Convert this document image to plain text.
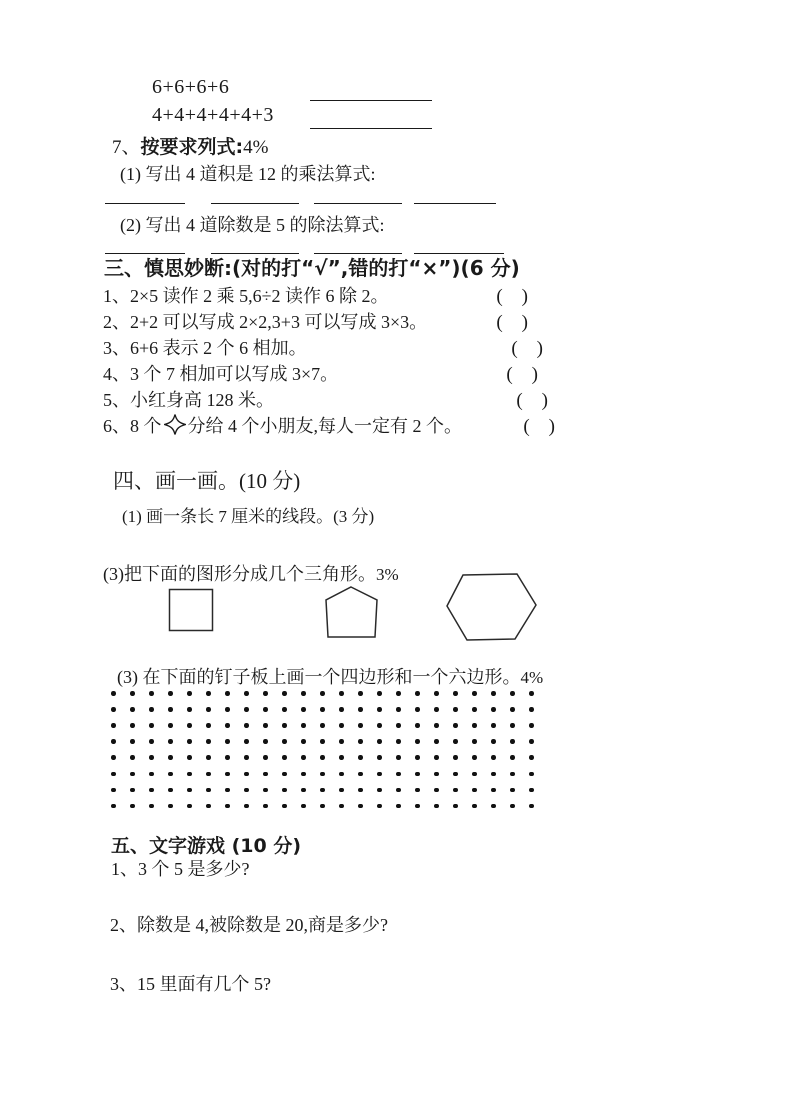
6+6+6+6
4+4+4+4+4+3
7、按要求列式:4%
(1) 写出 4 道积是 12 的乘法算式:
(2) 写出 4 道除数是 5 的除法算式:
三、慎思妙断:(对的打“√”,错的打“×”)(6 分)
1、2×5 读作 2 乘 5,6÷2 读作 6 除 2。	(    )
2、2+2 可以写成 2×2,3+3 可以写成 3×3。	(    )
3、6+6 表示 2 个 6 相加。	(    )
4、3 个 7 相加可以写成 3×7。	(    )
5、小红身高 128 米。	(    )
6、8 个 分给 4 个小朋友,每人一定有 2 个。	(    )
四、画一画。(10 分)
(1) 画一条长 7 厘米的线段。(3 分)
(3)把下面的图形分成几个三角形。3%
(3) 在下面的钉子板上画一个四边形和一个六边形。4%
五、文字游戏 (10 分)
1、3 个 5 是多少?
2、除数是 4,被除数是 20,商是多少?
3、15 里面有几个 5?
